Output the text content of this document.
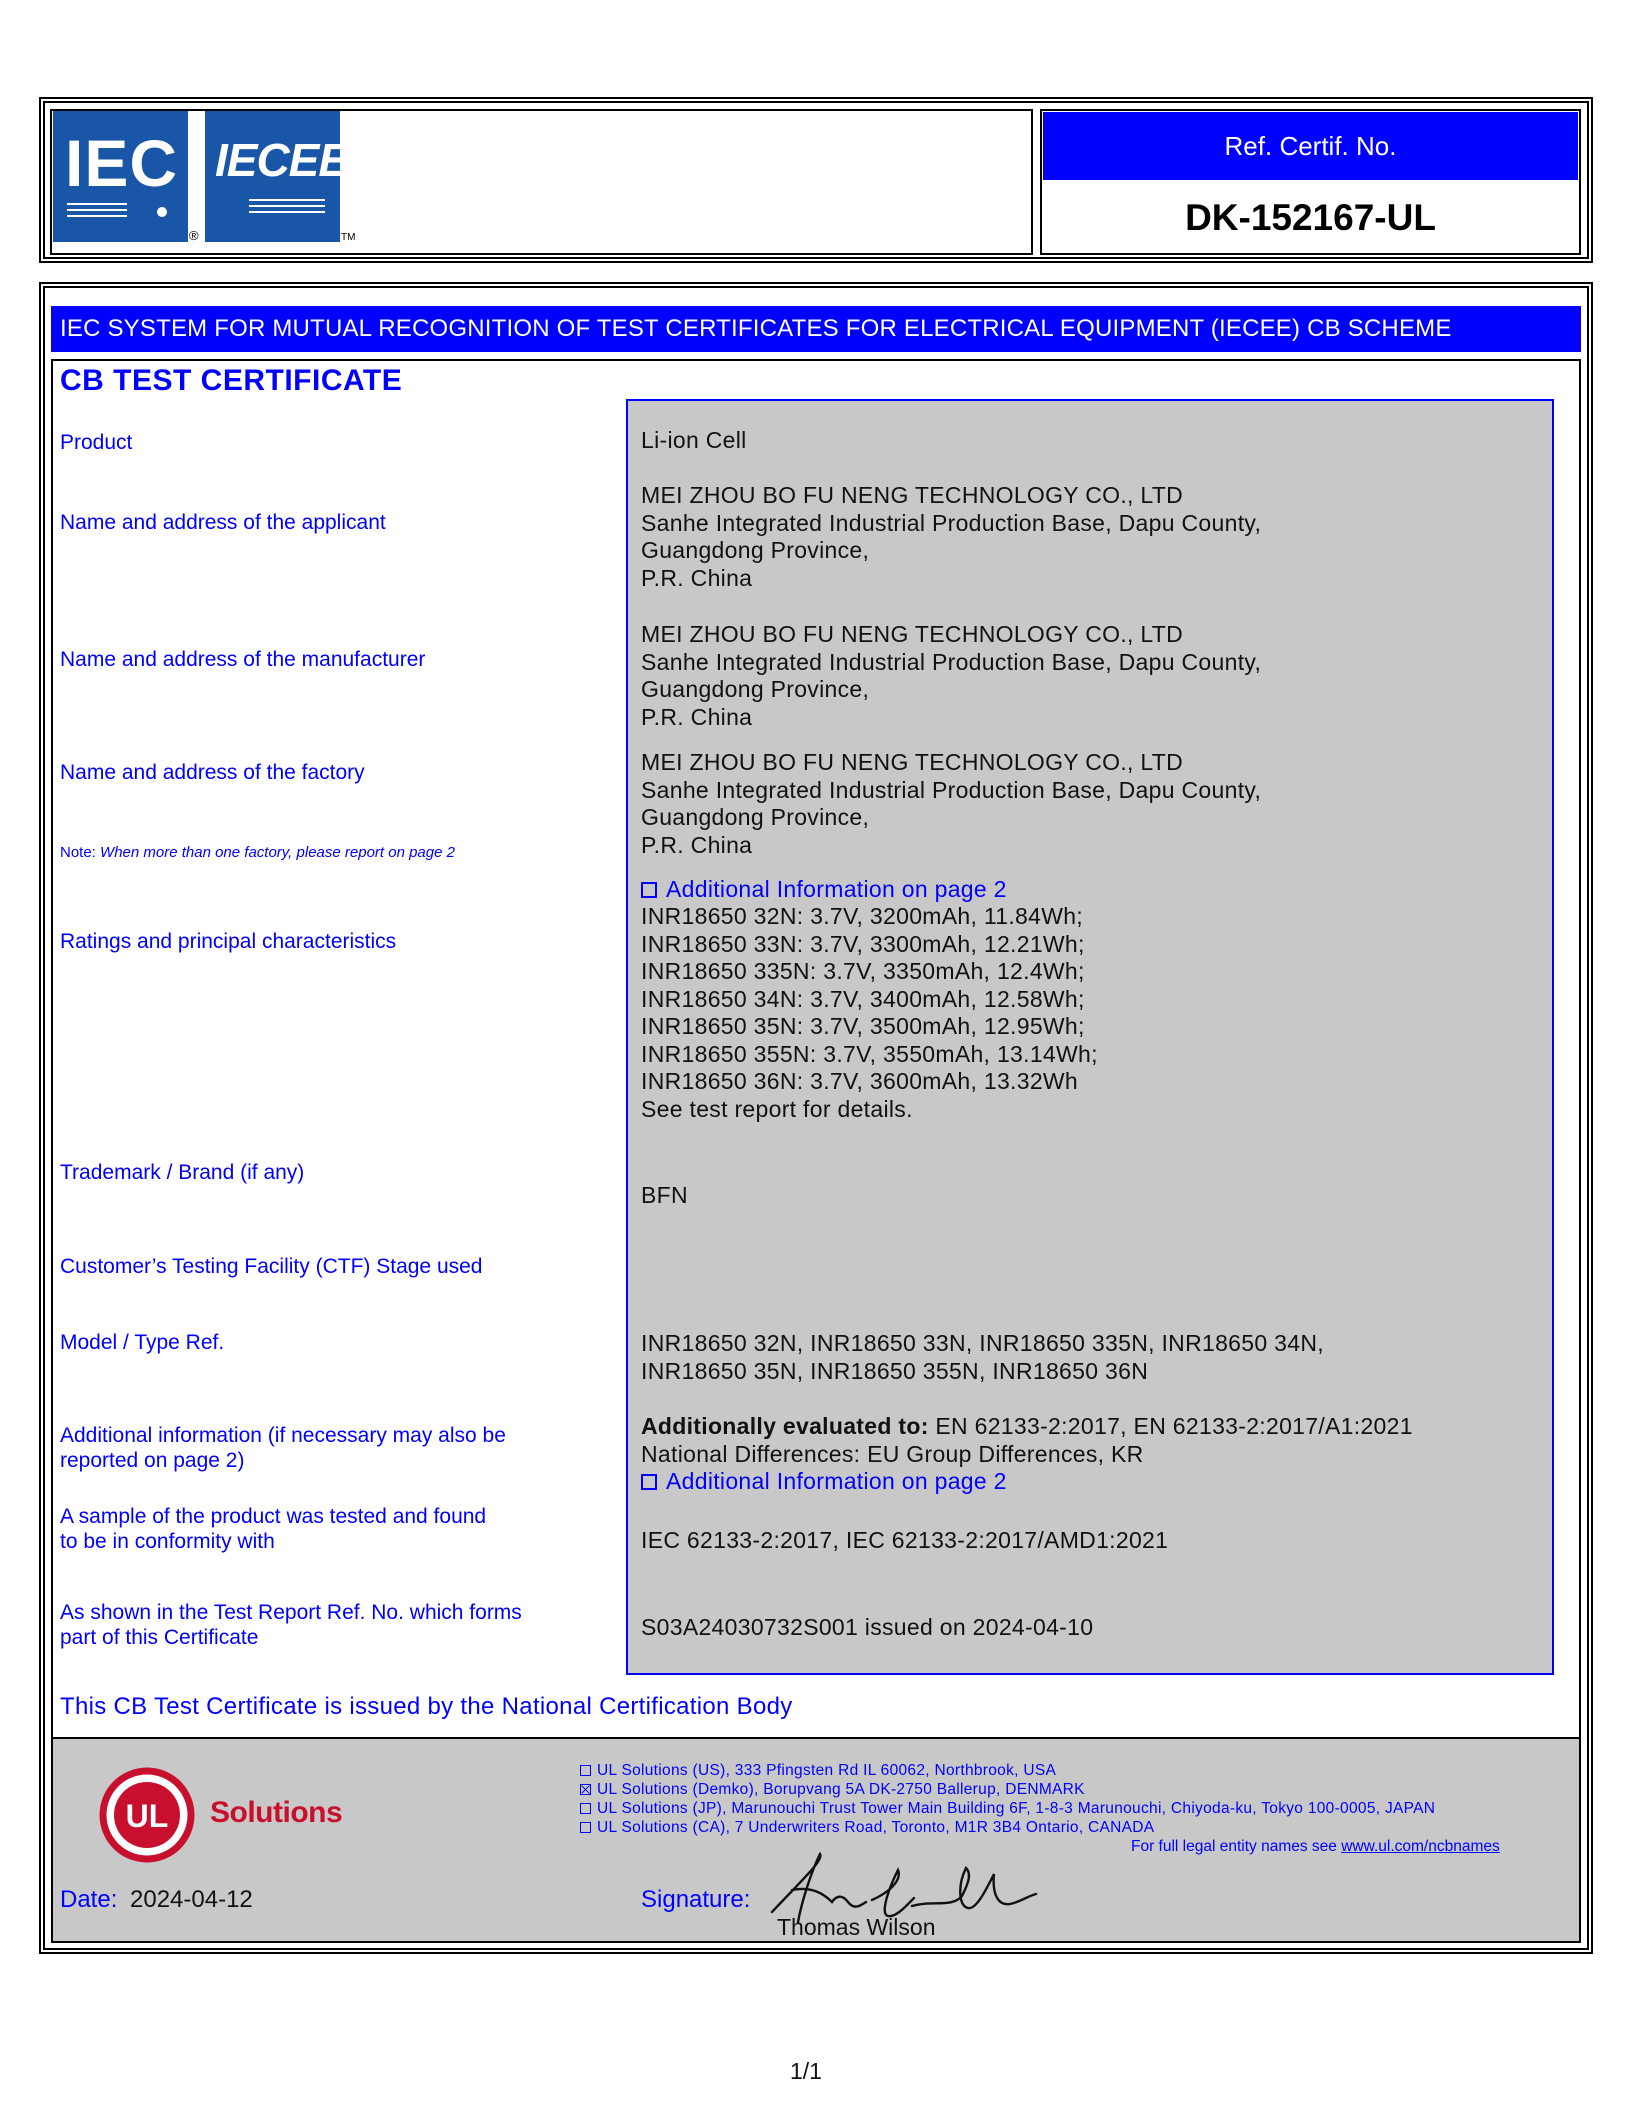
IEC
®
IECEE
TM
Ref. Certif. No.
DK-152167-UL
IEC SYSTEM FOR MUTUAL RECOGNITION OF TEST CERTIFICATES FOR ELECTRICAL EQUIPMENT (IECEE) CB SCHEME
CB TEST CERTIFICATE
Product
Name and address of the applicant
Name and address of the manufacturer
Name and address of the factory
Note: When more than one factory, please report on page 2
Ratings and principal characteristics
Trademark / Brand (if any)
Customer’s Testing Facility (CTF) Stage used
Model / Type Ref.
Additional information (if necessary may also be
reported on page 2)
A sample of the product was tested and found
to be in conformity with
As shown in the Test Report Ref. No. which forms
part of this Certificate
Li-ion Cell
MEI ZHOU BO FU NENG TECHNOLOGY CO., LTD
Sanhe Integrated Industrial Production Base, Dapu County,
Guangdong Province,
P.R. China
MEI ZHOU BO FU NENG TECHNOLOGY CO., LTD
Sanhe Integrated Industrial Production Base, Dapu County,
Guangdong Province,
P.R. China
MEI ZHOU BO FU NENG TECHNOLOGY CO., LTD
Sanhe Integrated Industrial Production Base, Dapu County,
Guangdong Province,
P.R. China
Additional Information on page 2
INR18650 32N: 3.7V, 3200mAh, 11.84Wh;
INR18650 33N: 3.7V, 3300mAh, 12.21Wh;
INR18650 335N: 3.7V, 3350mAh, 12.4Wh;
INR18650 34N: 3.7V, 3400mAh, 12.58Wh;
INR18650 35N: 3.7V, 3500mAh, 12.95Wh;
INR18650 355N: 3.7V, 3550mAh, 13.14Wh;
INR18650 36N: 3.7V, 3600mAh, 13.32Wh
See test report for details.
BFN
INR18650 32N, INR18650 33N, INR18650 335N, INR18650 34N,
INR18650 35N, INR18650 355N, INR18650 36N
Additionally evaluated to: EN 62133-2:2017, EN 62133-2:2017/A1:2021
National Differences: EU Group Differences, KR
Additional Information on page 2
IEC 62133-2:2017, IEC 62133-2:2017/AMD1:2021
S03A24030732S001 issued on 2024-04-10
This CB Test Certificate is issued by the National Certification Body
UL Solutions
UL Solutions (US), 333 Pfingsten Rd IL 60062, Northbrook, USA
UL Solutions (Demko), Borupvang 5A DK-2750 Ballerup, DENMARK
UL Solutions (JP), Marunouchi Trust Tower Main Building 6F, 1-8-3 Marunouchi, Chiyoda-ku, Tokyo 100-0005, JAPAN
UL Solutions (CA), 7 Underwriters Road, Toronto, M1R 3B4 Ontario, CANADA
For full legal entity names see www.ul.com/ncbnames
Date: 2024-04-12	Signature:
Thomas Wilson
1/1
